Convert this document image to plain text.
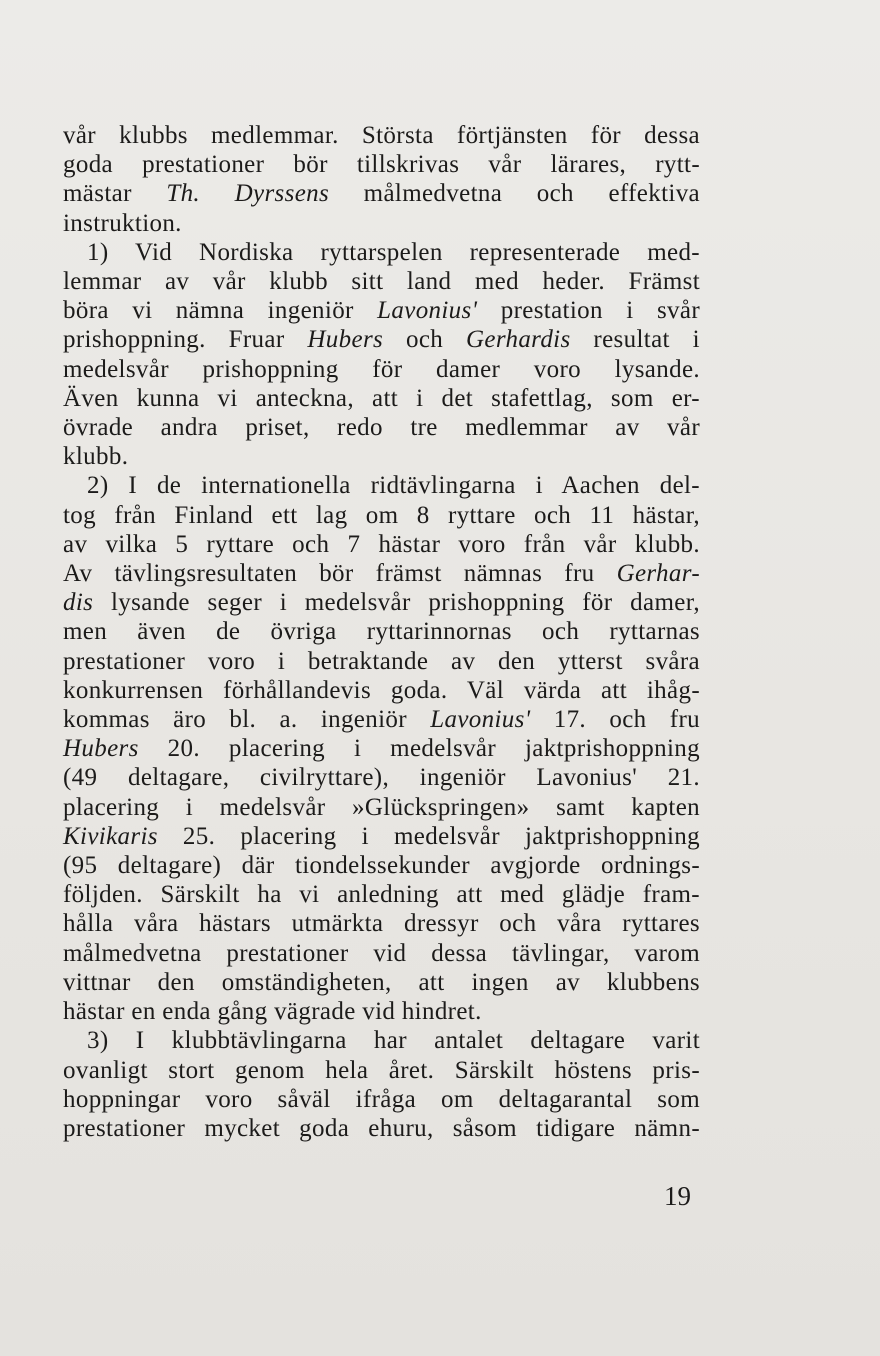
vår klubbs medlemmar. Största förtjänsten för dessa
goda prestationer bör tillskrivas vår lärares, rytt-
mästar Th. Dyrssens målmedvetna och effektiva
instruktion.
1) Vid Nordiska ryttarspelen representerade med-
lemmar av vår klubb sitt land med heder. Främst
böra vi nämna ingeniör Lavonius' prestation i svår
prishoppning. Fruar Hubers och Gerhardis resultat i
medelsvår prishoppning för damer voro lysande.
Även kunna vi anteckna, att i det stafettlag, som er-
övrade andra priset, redo tre medlemmar av vår
klubb.
2) I de internationella ridtävlingarna i Aachen del-
tog från Finland ett lag om 8 ryttare och 11 hästar,
av vilka 5 ryttare och 7 hästar voro från vår klubb.
Av tävlingsresultaten bör främst nämnas fru Gerhar-
dis lysande seger i medelsvår prishoppning för damer,
men även de övriga ryttarinnornas och ryttarnas
prestationer voro i betraktande av den ytterst svåra
konkurrensen förhållandevis goda. Väl värda att ihåg-
kommas äro bl. a. ingeniör Lavonius' 17. och fru
Hubers 20. placering i medelsvår jaktprishoppning
(49 deltagare, civilryttare), ingeniör Lavonius' 21.
placering i medelsvår »Glückspringen» samt kapten
Kivikaris 25. placering i medelsvår jaktprishoppning
(95 deltagare) där tiondelssekunder avgjorde ordnings-
följden. Särskilt ha vi anledning att med glädje fram-
hålla våra hästars utmärkta dressyr och våra ryttares
målmedvetna prestationer vid dessa tävlingar, varom
vittnar den omständigheten, att ingen av klubbens
hästar en enda gång vägrade vid hindret.
3) I klubbtävlingarna har antalet deltagare varit
ovanligt stort genom hela året. Särskilt höstens pris-
hoppningar voro såväl ifråga om deltagarantal som
prestationer mycket goda ehuru, såsom tidigare nämn-
19
